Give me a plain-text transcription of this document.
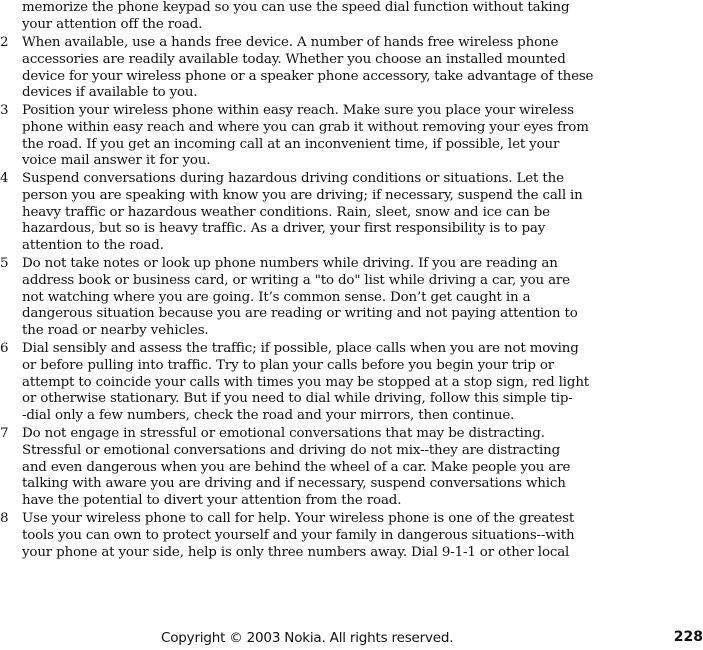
memorize the phone keypad so you can use the speed dial function without taking
your attention off the road.
2	When available, use a hands free device. A number of hands free wireless phone
accessories are readily available today. Whether you choose an installed mounted
device for your wireless phone or a speaker phone accessory, take advantage of these
devices if available to you.
3	Position your wireless phone within easy reach. Make sure you place your wireless
phone within easy reach and where you can grab it without removing your eyes from
the road. If you get an incoming call at an inconvenient time, if possible, let your
voice mail answer it for you.
4	Suspend conversations during hazardous driving conditions or situations. Let the
person you are speaking with know you are driving; if necessary, suspend the call in
heavy traffic or hazardous weather conditions. Rain, sleet, snow and ice can be
hazardous, but so is heavy traffic. As a driver, your first responsibility is to pay
attention to the road.
5	Do not take notes or look up phone numbers while driving. If you are reading an
address book or business card, or writing a "to do" list while driving a car, you are
not watching where you are going. It’s common sense. Don’t get caught in a
dangerous situation because you are reading or writing and not paying attention to
the road or nearby vehicles.
6	Dial sensibly and assess the traffic; if possible, place calls when you are not moving
or before pulling into traffic. Try to plan your calls before you begin your trip or
attempt to coincide your calls with times you may be stopped at a stop sign, red light
or otherwise stationary. But if you need to dial while driving, follow this simple tip-
-dial only a few numbers, check the road and your mirrors, then continue.
7	Do not engage in stressful or emotional conversations that may be distracting.
Stressful or emotional conversations and driving do not mix--they are distracting
and even dangerous when you are behind the wheel of a car. Make people you are
talking with aware you are driving and if necessary, suspend conversations which
have the potential to divert your attention from the road.
8	Use your wireless phone to call for help. Your wireless phone is one of the greatest
tools you can own to protect yourself and your family in dangerous situations--with
your phone at your side, help is only three numbers away. Dial 9-1-1 or other local
Copyright © 2003 Nokia. All rights reserved.	228
